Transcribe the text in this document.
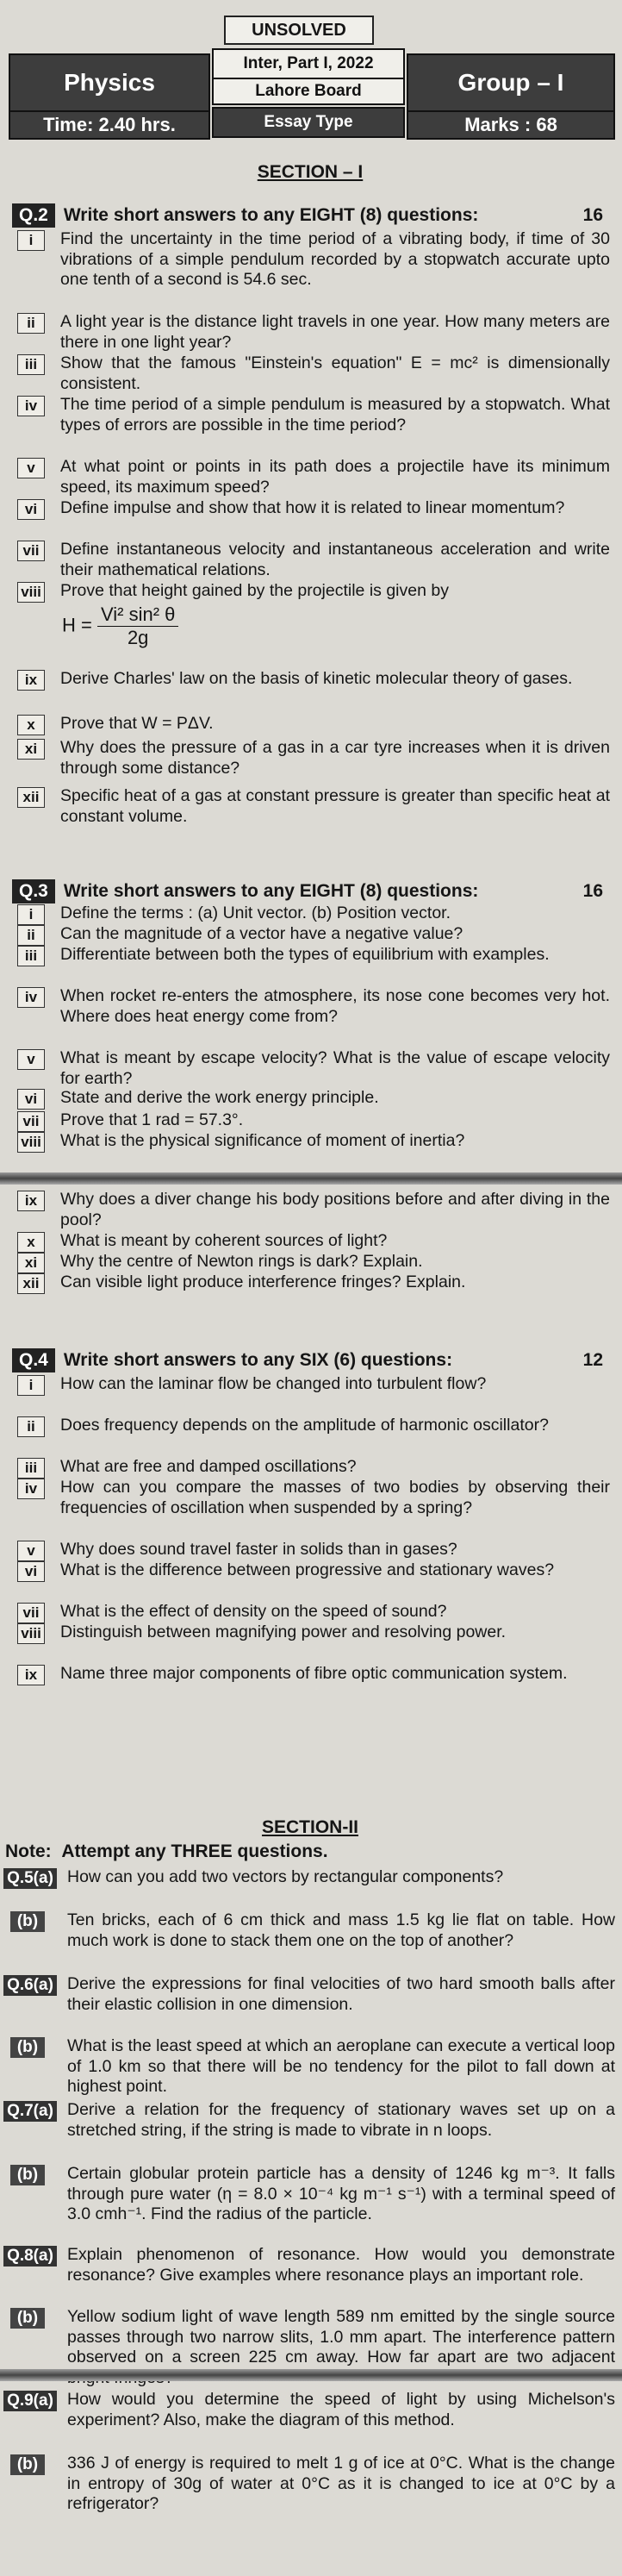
UNSOLVED
Physics
Inter, Part I, 2022
Lahore Board
Essay Type
Group – I
Time: 2.40 hrs.	Marks : 68
SECTION – I
Q.2 Write short answers to any EIGHT (8) questions:	16
i	Find the uncertainty in the time period of a vibrating body, if time of 30 vibrations of a simple pendulum recorded by a stopwatch accurate upto one tenth of a second is 54.6 sec.
ii	A light year is the distance light travels in one year. How many meters are there in one light year?
iii	Show that the famous "Einstein's equation" E = mc² is dimensionally consistent.
iv	The time period of a simple pendulum is measured by a stopwatch. What types of errors are possible in the time period?
v	At what point or points in its path does a projectile have its minimum speed, its maximum speed?
vi	Define impulse and show that how it is related to linear momentum?
vii	Define instantaneous velocity and instantaneous acceleration and write their mathematical relations.
viii Prove that height gained by the projectile is given by
ix	Derive Charles' law on the basis of kinetic molecular theory of gases.
x	Prove that W = PΔV.
xi	Why does the pressure of a gas in a car tyre increases when it is driven through some distance?
xii	Specific heat of a gas at constant pressure is greater than specific heat at constant volume.
$H = \frac{\text{Vi² sin² θ}}{2g}$
Q.3 Write short answers to any EIGHT (8) questions:	16
i	Define the terms : (a) Unit vector. (b) Position vector.
ii	Can the magnitude of a vector have a negative value?
iii	Differentiate between both the types of equilibrium with examples.
iv	When rocket re-enters the atmosphere, its nose cone becomes very hot. Where does heat energy come from?
v	What is meant by escape velocity? What is the value of escape velocity for earth?
vi	State and derive the work energy principle.
vii	Prove that 1 rad = 57.3°.
viii What is the physical significance of moment of inertia?
ix	Why does a diver change his body positions before and after diving in the pool?
x	What is meant by coherent sources of light?
xi	Why the centre of Newton rings is dark? Explain.
xii	Can visible light produce interference fringes? Explain.
Q.4 Write short answers to any SIX (6) questions:	12
i	How can the laminar flow be changed into turbulent flow?
ii	Does frequency depends on the amplitude of harmonic oscillator?
iii	What are free and damped oscillations?
iv	How can you compare the masses of two bodies by observing their frequencies of oscillation when suspended by a spring?
v	Why does sound travel faster in solids than in gases?
vi	What is the difference between progressive and stationary waves?
vii	What is the effect of density on the speed of sound?
viii Distinguish between magnifying power and resolving power.
ix	Name three major components of fibre optic communication system.
SECTION-II
Note: Attempt any THREE questions.
Q.5(a) How can you add two vectors by rectangular components?
(b)	Ten bricks, each of 6 cm thick and mass 1.5 kg lie flat on table. How much work is done to stack them one on the top of another?
Q.6(a) Derive the expressions for final velocities of two hard smooth balls after their elastic collision in one dimension.
(b)	What is the least speed at which an aeroplane can execute a vertical loop of 1.0 km so that there will be no tendency for the pilot to fall down at highest point.
Q.7(a) Derive a relation for the frequency of stationary waves set up on a stretched string, if the string is made to vibrate in n loops.
(b)	Certain globular protein particle has a density of 1246 kg m⁻³. It falls through pure water (η = 8.0 × 10⁻⁴ kg m⁻¹ s⁻¹) with a terminal speed of 3.0 cmh⁻¹. Find the radius of the particle.
Q.8(a) Explain phenomenon of resonance. How would you demonstrate resonance? Give examples where resonance plays an important role.
(b)	Yellow sodium light of wave length 589 nm emitted by the single source passes through two narrow slits, 1.0 mm apart. The interference pattern observed on a screen 225 cm away. How far apart are two adjacent
Q.9(a) How would you determine the speed of light by using Michelson's experiment? Also, make the diagram of this method.
(b)	336 J of energy is required to melt 1 g of ice at 0°C. What is the change in entropy of 30g of water at 0°C as it is changed to ice at 0°C by a refrigerator?
